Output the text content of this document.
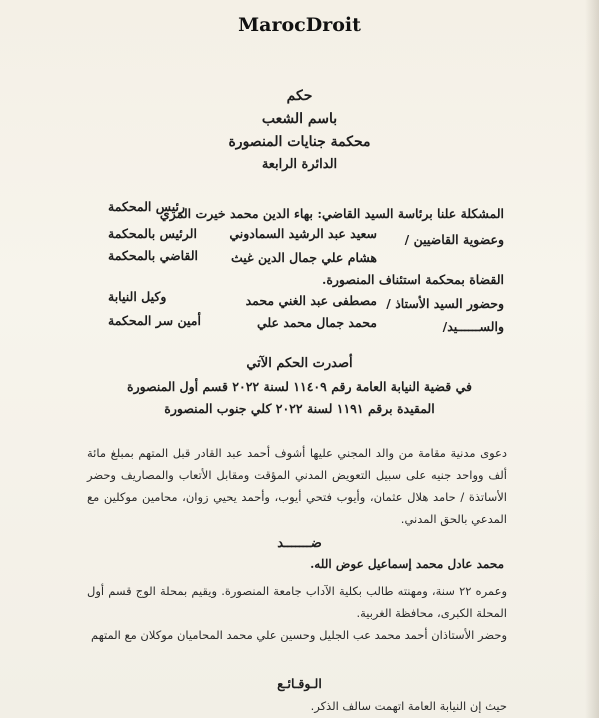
MarocDroit
حكم
باسم الشعب
محكمة جنايات المنصورة
الدائرة الرابعة
المشكلة علنا برئاسة السيد القاضي: بهاء الدين محمد خيرت المري
رئيس المحكمة
وعضوية القاضيين /
سعيد عبد الرشيد السمادوني
الرئيس بالمحكمة
هشام علي جمال الدين غيث
القاضي بالمحكمة
القضاة بمحكمة استئناف المنصورة.
وحضور السيد الأستاذ /
مصطفى عبد الغني محمد
وكيل النيابة
والســــــيد/
محمد جمال محمد علي
أمين سر المحكمة
أصدرت الحكم الآتي
في قضية النيابة العامة رقم ١١٤٠٩ لسنة ٢٠٢٢ قسم أول المنصورة
المقيدة برقم ١١٩١ لسنة ٢٠٢٢ كلي جنوب المنصورة

دعوى مدنية مقامة من والد المجني عليها أشوف أحمد عبد القادر قبل المتهم بمبلغ مائة ألف وواحد جنيه على سبيل التعويض المدني المؤقت ومقابل الأتعاب والمصاريف وحضر الأساتذة / حامد هلال عثمان، وأيوب فتحي أيوب، وأحمد يحيي زوان، محامين موكلين مع المدعي بالحق المدني.

ضـــــــد
محمد عادل محمد إسماعيل عوض الله.

وعمره ٢٢ سنة، ومهنته طالب بكلية الآداب جامعة المنصورة. ويقيم بمحلة الوج قسم أول المحلة الكبرى، محافظة الغربية.

وحضر الأستاذان أحمد محمد عب الجليل وحسين علي محمد المحاميان موكلان مع المتهم

الـوقـائـع

حيث إن النيابة العامة اتهمت سالف الذكر.
